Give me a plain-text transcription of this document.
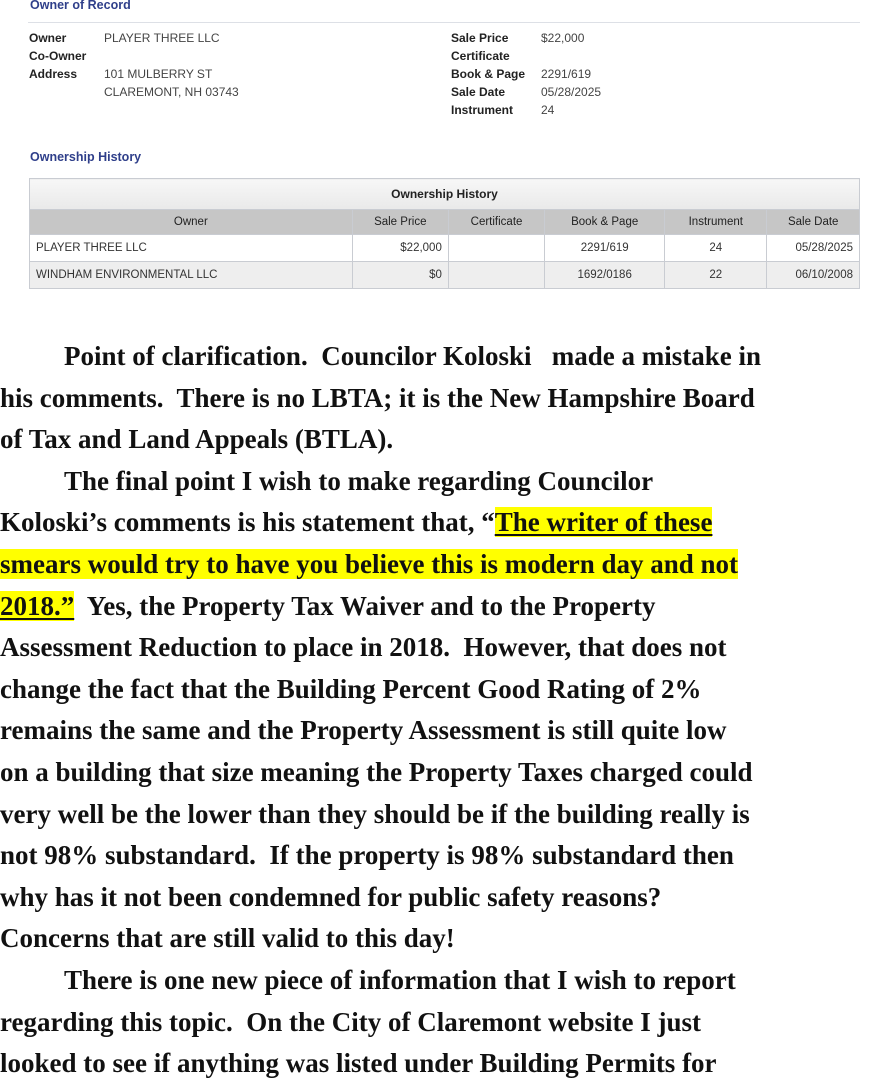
Owner of Record
Owner	PLAYER THREE LLC
Co-Owner
Address 101 MULBERRY ST
CLAREMONT, NH 03743
Sale Price	$22,000
Certificate
Book & Page 2291/619
Sale Date	05/28/2025
Instrument 24
Ownership History
Ownership History					
Owner	Sale Price	Certificate	Book & Page	Instrument	Sale Date
PLAYER THREE LLC	$22,000		2291/619	24	05/28/2025
WINDHAM ENVIRONMENTAL LLC	$0		1692/0186	22	06/10/2008

Point of clarification.  Councilor Koloski   made a mistake in

his comments.  There is no LBTA; it is the New Hampshire Board

of Tax and Land Appeals (BTLA).

The final point I wish to make regarding Councilor

Koloski’s comments is his statement that, “The writer of these

smears would try to have you believe this is modern day and not

2018.”  Yes, the Property Tax Waiver and to the Property

Assessment Reduction to place in 2018.  However, that does not

change the fact that the Building Percent Good Rating of 2%

remains the same and the Property Assessment is still quite low

on a building that size meaning the Property Taxes charged could

very well be the lower than they should be if the building really is

not 98% substandard.  If the property is 98% substandard then

why has it not been condemned for public safety reasons?

Concerns that are still valid to this day!

There is one new piece of information that I wish to report

regarding this topic.  On the City of Claremont website I just

looked to see if anything was listed under Building Permits for
